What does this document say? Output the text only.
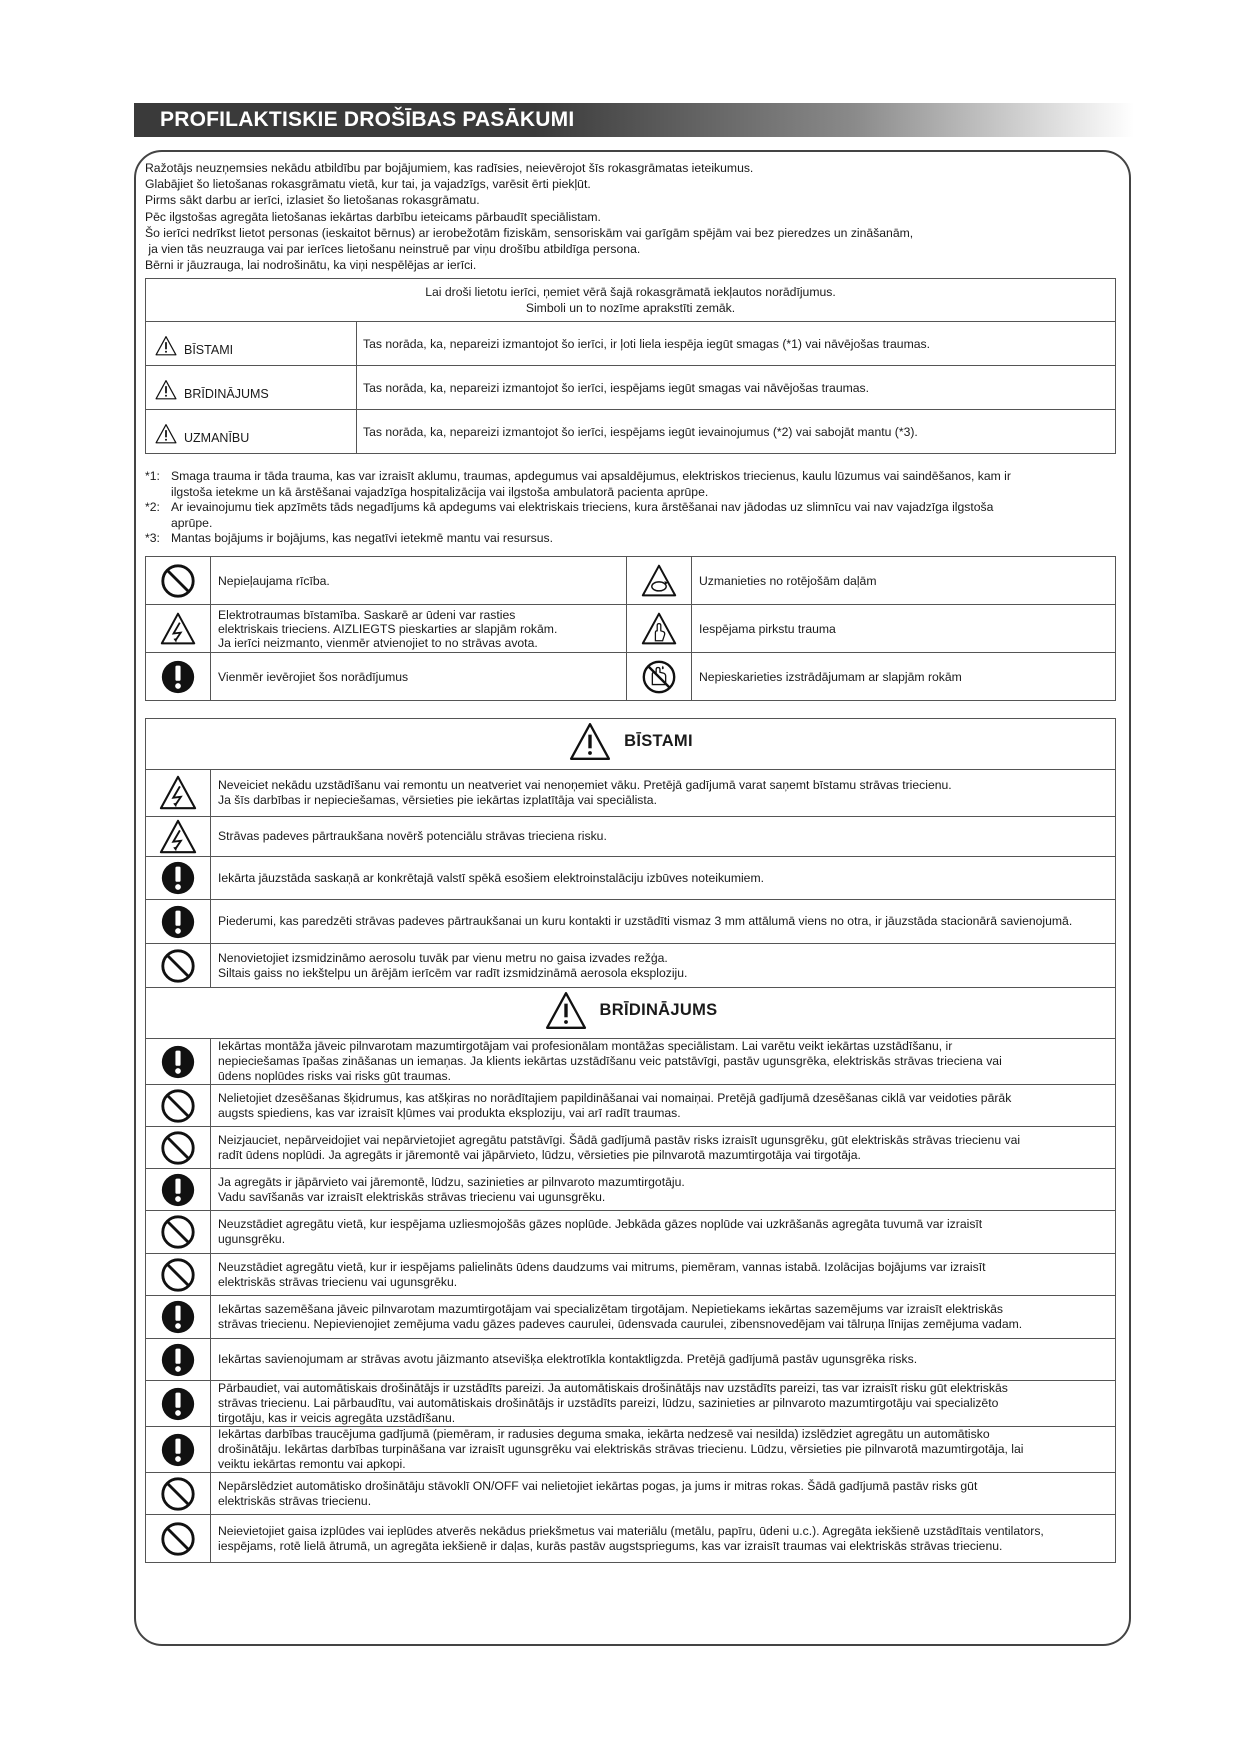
PROFILAKTISKIE DROŠĪBAS PASĀKUMI
Ražotājs neuzņemsies nekādu atbildību par bojājumiem, kas radīsies, neievērojot šīs rokasgrāmatas ieteikumus.
Glabājiet šo lietošanas rokasgrāmatu vietā, kur tai, ja vajadzīgs, varēsit ērti piekļūt.
Pirms sākt darbu ar ierīci, izlasiet šo lietošanas rokasgrāmatu.
Pēc ilgstošas agregāta lietošanas iekārtas darbību ieteicams pārbaudīt speciālistam.
Šo ierīci nedrīkst lietot personas (ieskaitot bērnus) ar ierobežotām fiziskām, sensoriskām vai garīgām spējām vai bez pieredzes un zināšanām,
ja vien tās neuzrauga vai par ierīces lietošanu neinstruē par viņu drošību atbildīga persona.
Bērni ir jāuzrauga, lai nodrošinātu, ka viņi nespēlējas ar ierīci.
Lai droši lietotu ierīci, ņemiet vērā šajā rokasgrāmatā iekļautos norādījumus.
Simboli un to nozīme aprakstīti zemāk.	

BĪSTAMI	Tas norāda, ka, nepareizi izmantojot šo ierīci, ir ļoti liela iespēja iegūt smagas (*1) vai nāvējošas traumas.

BRĪDINĀJUMS	Tas norāda, ka, nepareizi izmantojot šo ierīci, iespējams iegūt smagas vai nāvējošas traumas.

UZMANĪBU	Tas norāda, ka, nepareizi izmantojot šo ierīci, iespējams iegūt ievainojumus (*2) vai sabojāt mantu (*3).
*1: Smaga trauma ir tāda trauma, kas var izraisīt aklumu, traumas, apdegumus vai apsaldējumus, elektriskos triecienus, kaulu lūzumus vai saindēšanos, kam ir
ilgstoša ietekme un kā ārstēšanai vajadzīga hospitalizācija vai ilgstoša ambulatorā pacienta aprūpe.
*2: Ar ievainojumu tiek apzīmēts tāds negadījums kā apdegums vai elektriskais trieciens, kura ārstēšanai nav jādodas uz slimnīcu vai nav vajadzīga ilgstoša
aprūpe.
*3: Mantas bojājums ir bojājums, kas negatīvi ietekmē mantu vai resursus.
	Nepieļaujama rīcība.		Uzmanieties no rotējošām daļām

Elektrotraumas bīstamība. Saskarē ar ūdeni var rasties
elektriskais trieciens. AIZLIEGTS pieskarties ar slapjām rokām.
Ja ierīci neizmanto, vienmēr atvienojiet to no strāvas avota.		Iespējama pirkstu trauma
	Vienmēr ievērojiet šos norādījumus		Nepieskarieties izstrādājumam ar slapjām rokām
BĪSTAMI	

Neveiciet nekādu uzstādīšanu vai remontu un neatveriet vai nenoņemiet vāku. Pretējā gadījumā varat saņemt bīstamu strāvas triecienu.
Ja šīs darbības ir nepieciešamas, vērsieties pie iekārtas izplatītāja vai speciālista.

Strāvas padeves pārtraukšana novērš potenciālu strāvas trieciena risku.

Iekārta jāuzstāda saskaņā ar konkrētajā valstī spēkā esošiem elektroinstalāciju izbūves noteikumiem.

Piederumi, kas paredzēti strāvas padeves pārtraukšanai un kuru kontakti ir uzstādīti vismaz 3 mm attālumā viens no otra, ir jāuzstāda stacionārā savienojumā.

Nenovietojiet izsmidzināmo aerosolu tuvāk par vienu metru no gaisa izvades režģa.
Siltais gaiss no iekštelpu un ārējām ierīcēm var radīt izsmidzināmā aerosola eksploziju.

BRĪDINĀJUMS	

Iekārtas montāža jāveic pilnvarotam mazumtirgotājam vai profesionālam montāžas speciālistam. Lai varētu veikt iekārtas uzstādīšanu, ir
nepieciešamas īpašas zināšanas un iemaņas. Ja klients iekārtas uzstādīšanu veic patstāvīgi, pastāv ugunsgrēka, elektriskās strāvas trieciena vai
ūdens noplūdes risks vai risks gūt traumas.

Nelietojiet dzesēšanas šķidrumus, kas atšķiras no norādītajiem papildināšanai vai nomaiņai. Pretējā gadījumā dzesēšanas ciklā var veidoties pārāk
augsts spiediens, kas var izraisīt kļūmes vai produkta eksploziju, vai arī radīt traumas.

Neizjauciet, nepārveidojiet vai nepārvietojiet agregātu patstāvīgi. Šādā gadījumā pastāv risks izraisīt ugunsgrēku, gūt elektriskās strāvas triecienu vai
radīt ūdens noplūdi. Ja agregāts ir jāremontē vai jāpārvieto, lūdzu, vērsieties pie pilnvarotā mazumtirgotāja vai tirgotāja.

Ja agregāts ir jāpārvieto vai jāremontē, lūdzu, sazinieties ar pilnvaroto mazumtirgotāju.
Vadu savīšanās var izraisīt elektriskās strāvas triecienu vai ugunsgrēku.

Neuzstādiet agregātu vietā, kur iespējama uzliesmojošās gāzes noplūde. Jebkāda gāzes noplūde vai uzkrāšanās agregāta tuvumā var izraisīt
ugunsgrēku.

Neuzstādiet agregātu vietā, kur ir iespējams palielināts ūdens daudzums vai mitrums, piemēram, vannas istabā. Izolācijas bojājums var izraisīt
elektriskās strāvas triecienu vai ugunsgrēku.

Iekārtas sazemēšana jāveic pilnvarotam mazumtirgotājam vai specializētam tirgotājam. Nepietiekams iekārtas sazemējums var izraisīt elektriskās
strāvas triecienu. Nepievienojiet zemējuma vadu gāzes padeves caurulei, ūdensvada caurulei, zibensnovedējam vai tālruņa līnijas zemējuma vadam.

Iekārtas savienojumam ar strāvas avotu jāizmanto atsevišķa elektrotīkla kontaktligzda. Pretējā gadījumā pastāv ugunsgrēka risks.

Pārbaudiet, vai automātiskais drošinātājs ir uzstādīts pareizi. Ja automātiskais drošinātājs nav uzstādīts pareizi, tas var izraisīt risku gūt elektriskās
strāvas triecienu. Lai pārbaudītu, vai automātiskais drošinātājs ir uzstādīts pareizi, lūdzu, sazinieties ar pilnvaroto mazumtirgotāju vai specializēto
tirgotāju, kas ir veicis agregāta uzstādīšanu.

Iekārtas darbības traucējuma gadījumā (piemēram, ir radusies deguma smaka, iekārta nedzesē vai nesilda) izslēdziet agregātu un automātisko
drošinātāju. Iekārtas darbības turpināšana var izraisīt ugunsgrēku vai elektriskās strāvas triecienu. Lūdzu, vērsieties pie pilnvarotā mazumtirgotāja, lai
veiktu iekārtas remontu vai apkopi.

Nepārslēdziet automātisko drošinātāju stāvoklī ON/OFF vai nelietojiet iekārtas pogas, ja jums ir mitras rokas. Šādā gadījumā pastāv risks gūt
elektriskās strāvas triecienu.

Neievietojiet gaisa izplūdes vai ieplūdes atverēs nekādus priekšmetus vai materiālu (metālu, papīru, ūdeni u.c.). Agregāta iekšienē uzstādītais ventilators,
iespējams, rotē lielā ātrumā, un agregāta iekšienē ir daļas, kurās pastāv augstspriegums, kas var izraisīt traumas vai elektriskās strāvas triecienu.
